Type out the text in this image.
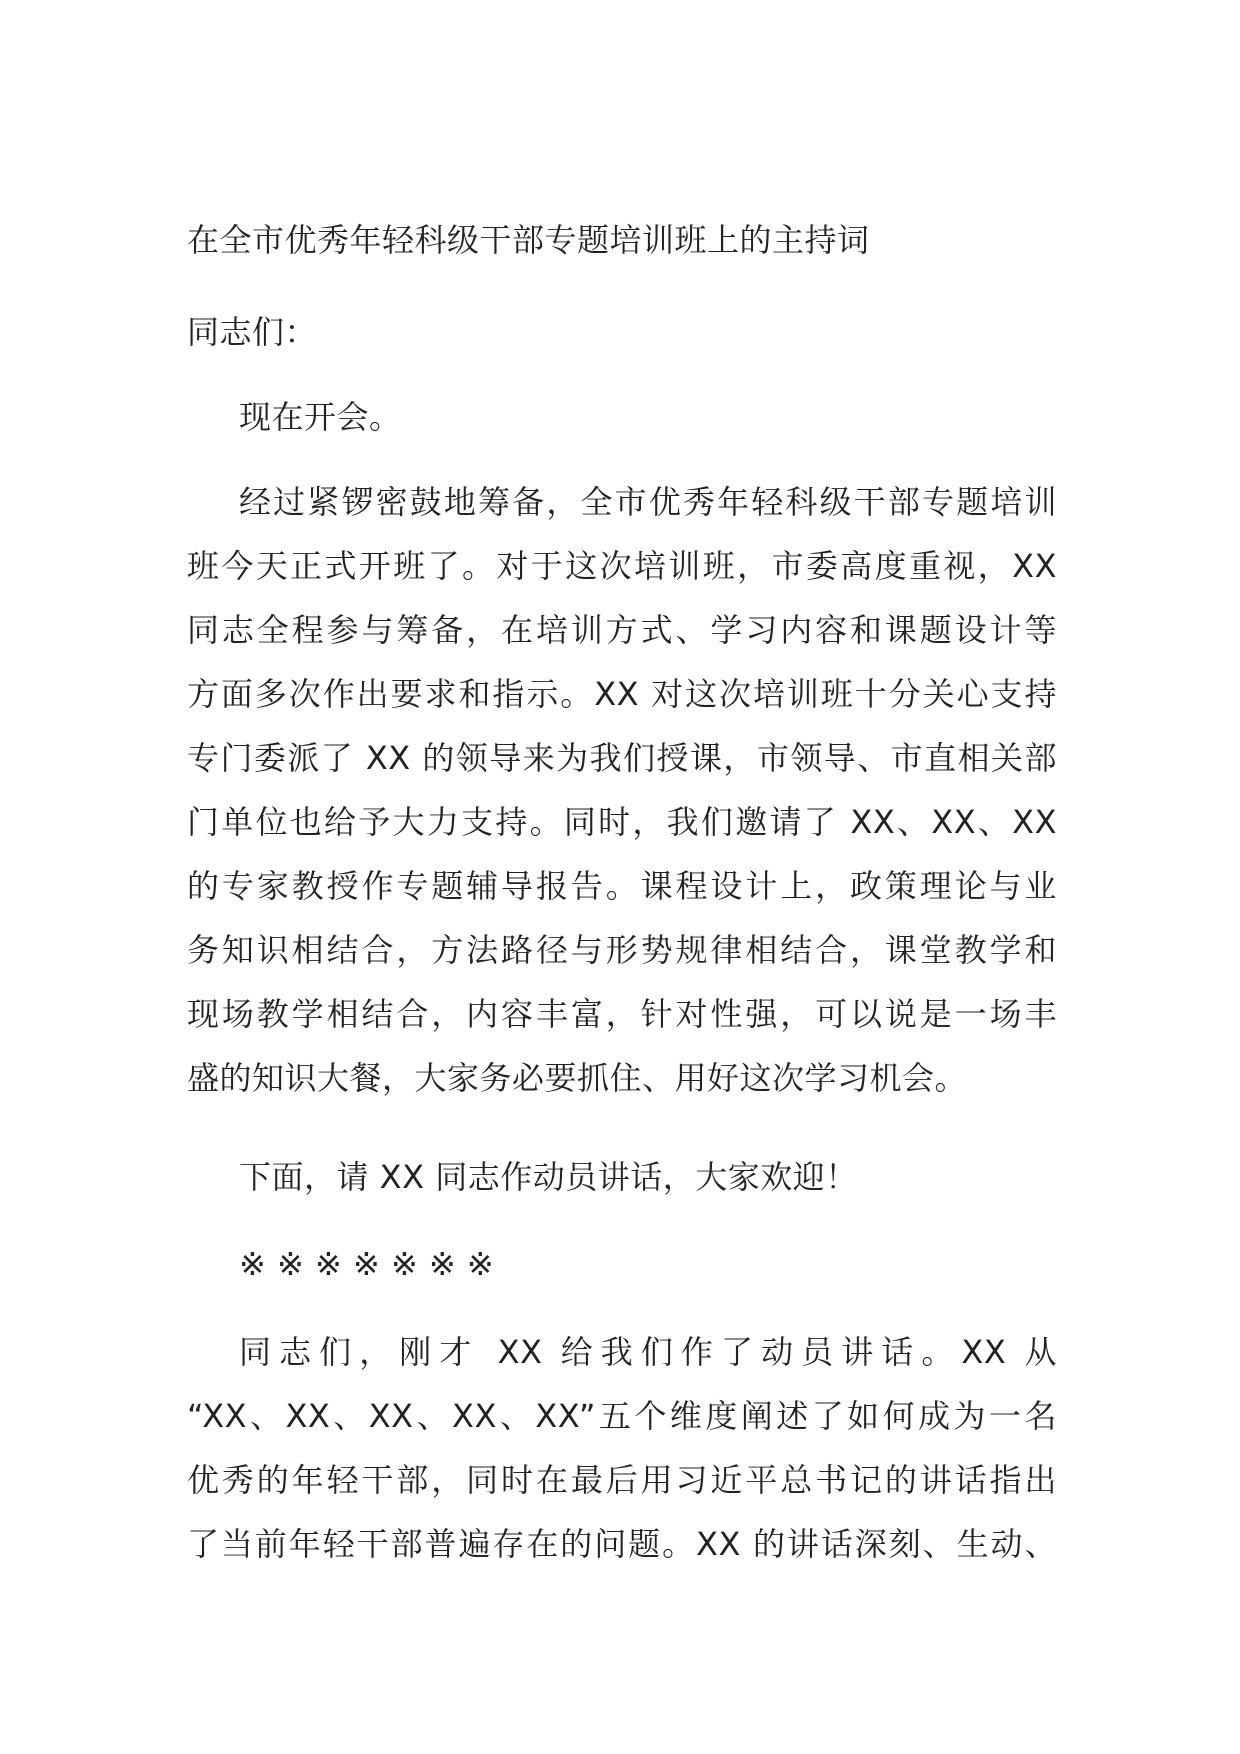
在全市优秀年轻科级干部专题培训班上的主持词
同志们：
现在开会。
经过紧锣密鼓地筹备，全市优秀年轻科级干部专题培训
班今天正式开班了。对于这次培训班，市委高度重视，XX
同志全程参与筹备，在培训方式、学习内容和课题设计等
方面多次作出要求和指示。XX 对这次培训班十分关心支持
专门委派了 XX 的领导来为我们授课，市领导、市直相关部
门单位也给予大力支持。同时，我们邀请了 XX、XX、XX
的专家教授作专题辅导报告。课程设计上，政策理论与业
务知识相结合，方法路径与形势规律相结合，课堂教学和
现场教学相结合，内容丰富，针对性强，可以说是一场丰
盛的知识大餐，大家务必要抓住、用好这次学习机会。
下面，请 XX 同志作动员讲话，大家欢迎！
※ ※ ※ ※ ※ ※ ※
同志们，刚才 XX 给我们作了动员讲话。XX 从
“XX、XX、XX、XX、XX”五个维度阐述了如何成为一名
优秀的年轻干部，同时在最后用习近平总书记的讲话指出
了当前年轻干部普遍存在的问题。XX 的讲话深刻、生动、
